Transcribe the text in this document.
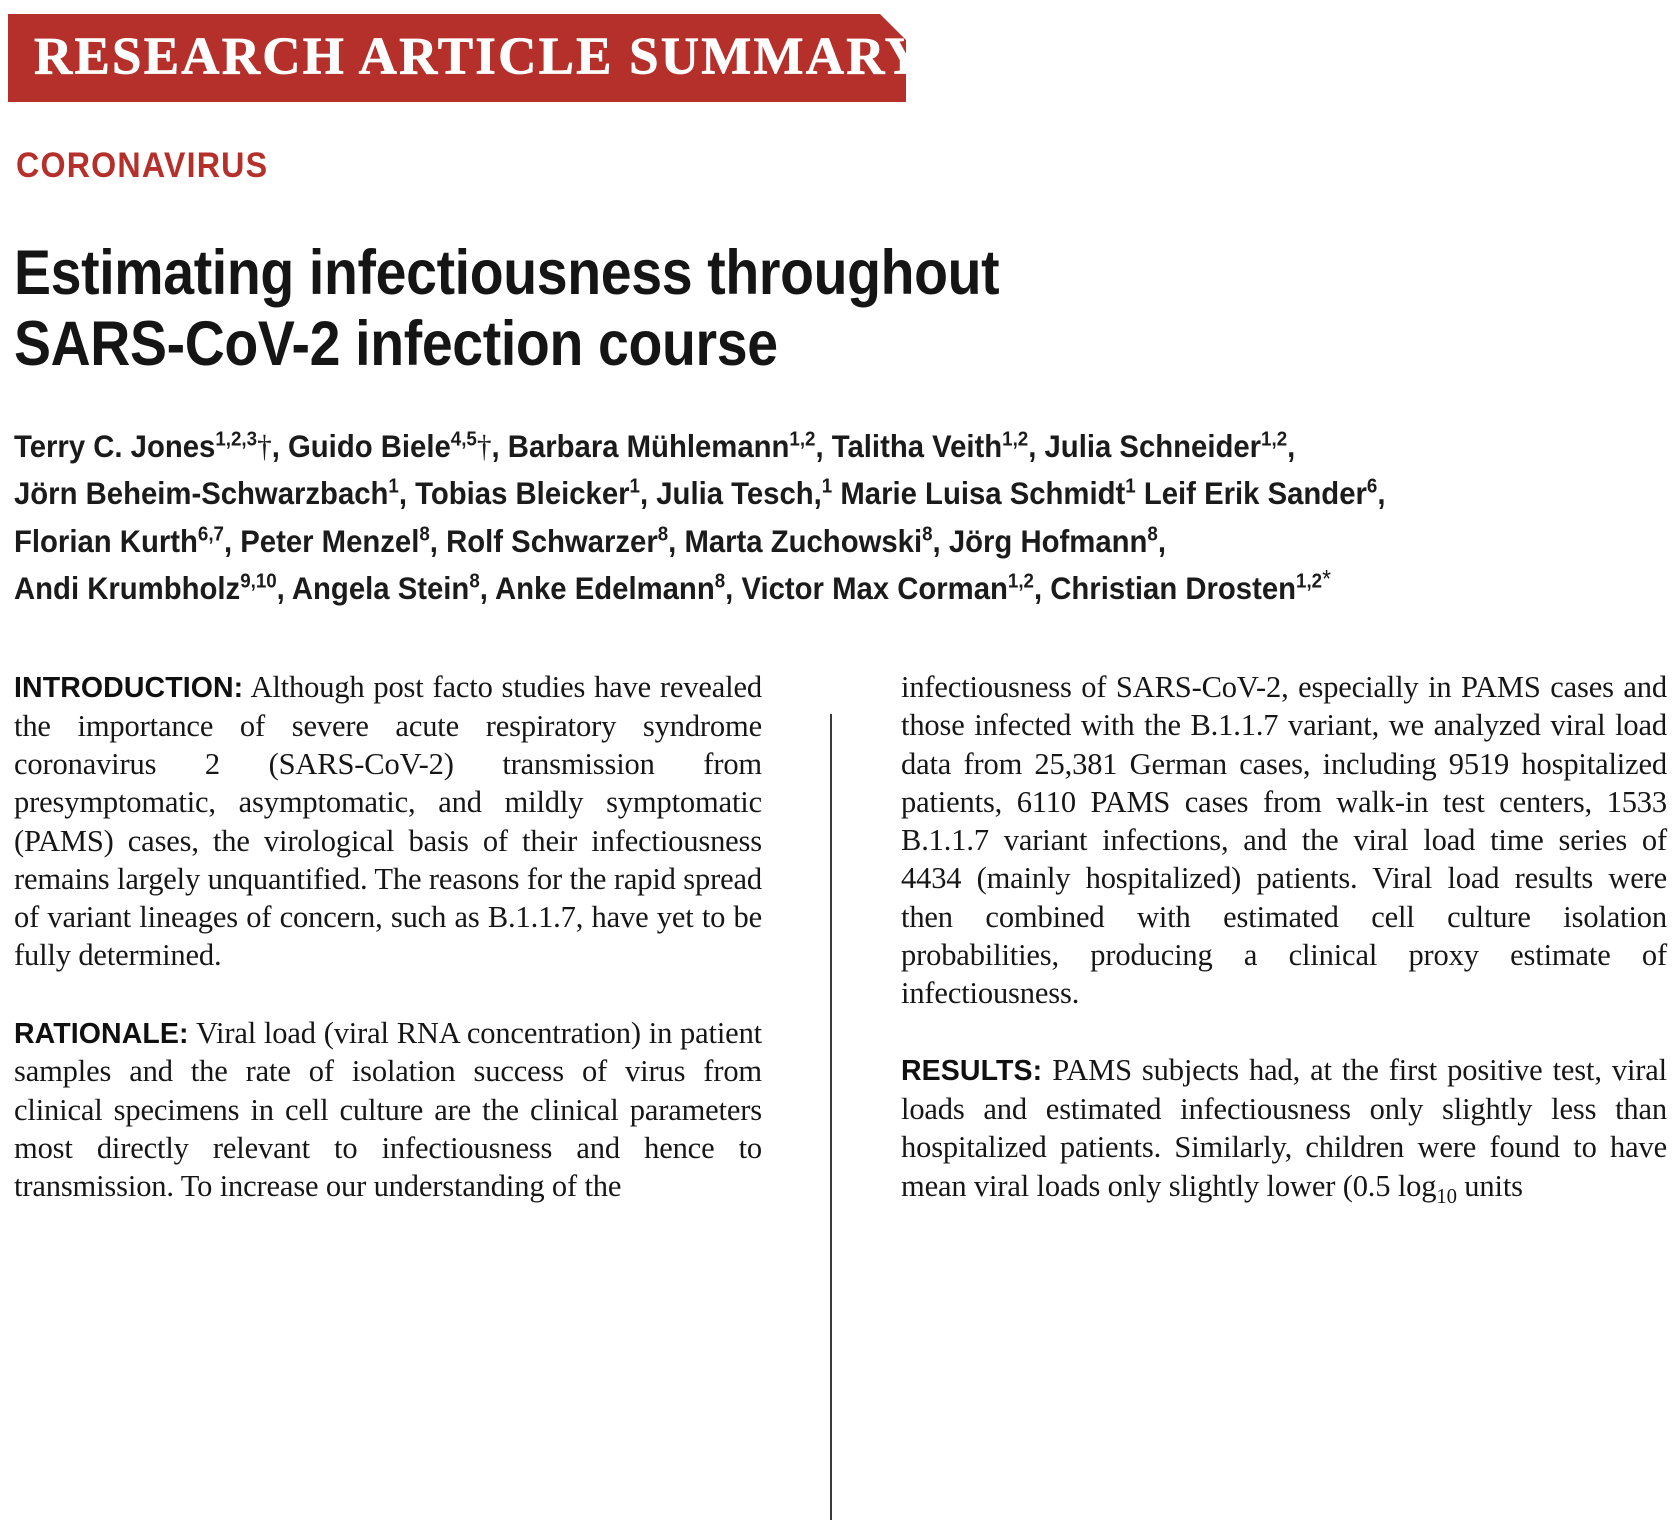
RESEARCH ARTICLE SUMMARY
CORONAVIRUS
Estimating infectiousness throughout
SARS-CoV-2 infection course
Terry C. Jones$^{1,2,3}$†, Guido Biele$^{4,5}$†, Barbara Mühlemann$^{1,2}$, Talitha Veith$^{1,2}$, Julia Schneider$^{1,2}$,
Jörn Beheim-Schwarzbach$^1$, Tobias Bleicker$^1$, Julia Tesch,$^1$ Marie Luisa Schmidt$^1$ Leif Erik Sander$^6$,
Florian Kurth$^{6,7}$, Peter Menzel$^8$, Rolf Schwarzer$^8$, Marta Zuchowski$^8$, Jörg Hofmann$^8$,
Andi Krumbholz$^{9,10}$, Angela Stein$^8$, Anke Edelmann$^8$, Victor Max Corman$^{1,2}$, Christian Drosten$^{1,2*}$

INTRODUCTION: Although post facto studies have revealed the importance of severe acute respiratory syndrome coronavirus 2 (SARS-CoV-2) transmission from presymptomatic, asymptomatic, and mildly symptomatic (PAMS) cases, the virological basis of their infectiousness remains largely unquantified. The reasons for the rapid spread of variant lineages of concern, such as B.1.1.7, have yet to be fully determined.

RATIONALE: Viral load (viral RNA concentration) in patient samples and the rate of isolation success of virus from clinical specimens in cell culture are the clinical parameters most directly relevant to infectiousness and hence to transmission. To increase our understanding of the

infectiousness of SARS-CoV-2, especially in PAMS cases and those infected with the B.1.1.7 variant, we analyzed viral load data from 25,381 German cases, including 9519 hospitalized patients, 6110 PAMS cases from walk-in test centers, 1533 B.1.1.7 variant infections, and the viral load time series of 4434 (mainly hospitalized) patients. Viral load results were then combined with estimated cell culture isolation probabilities, producing a clinical proxy estimate of infectiousness.

RESULTS: PAMS subjects had, at the first positive test, viral loads and estimated infectiousness only slightly less than hospitalized patients. Similarly, children were found to have mean viral loads only slightly lower (0.5 $\log_{10}$ units
